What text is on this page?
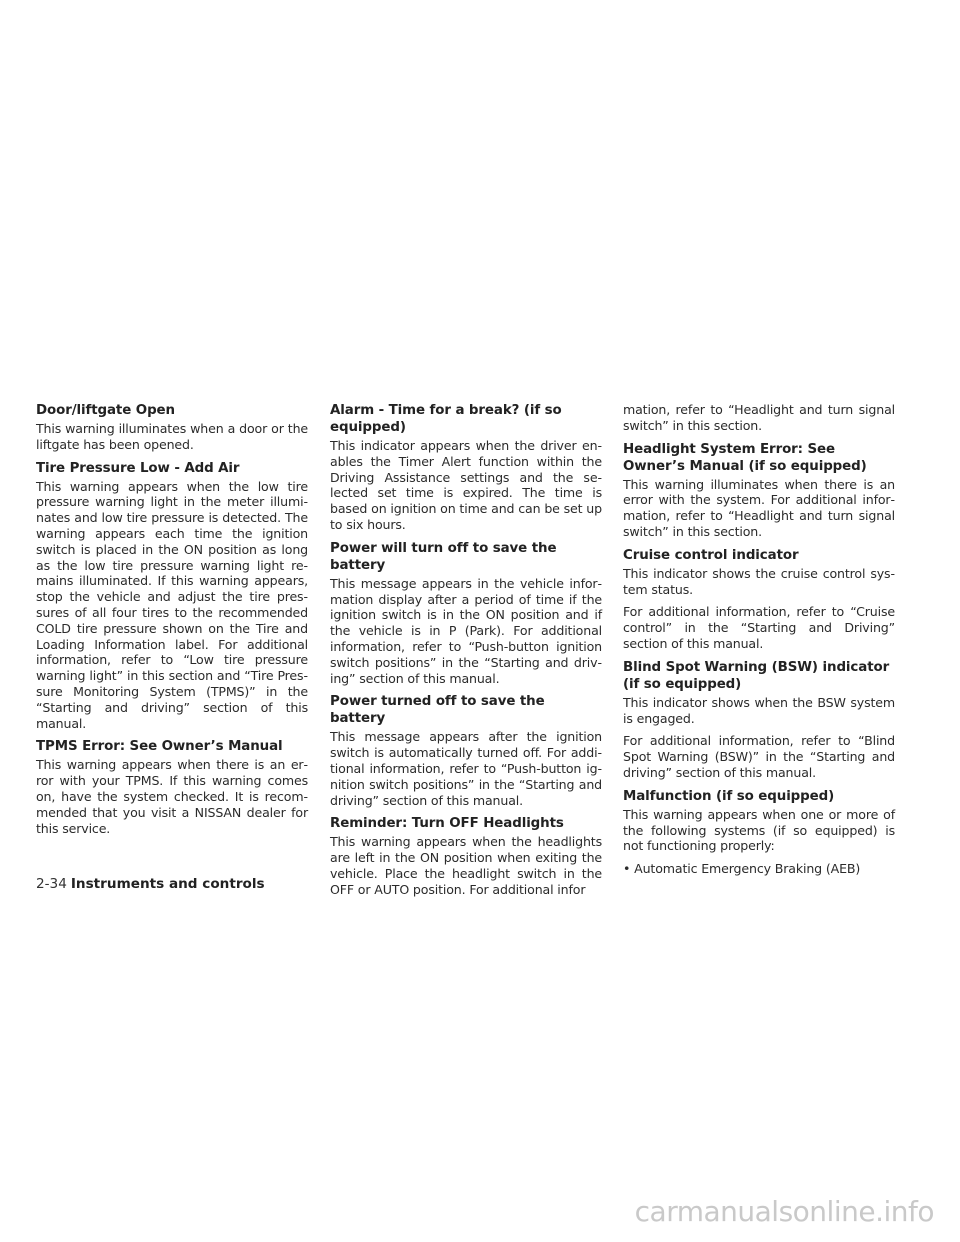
Door/liftgate Open

This warning illuminates when a door or the liftgate has been opened.

Tire Pressure Low - Add Air

This warning appears when the low tire pressure warning light in the meter illuminates and low tire pressure is detected. The warning appears each time the ignition switch is placed in the ON position as long as the low tire pressure warning light remains illuminated. If this warning appears, stop the vehicle and adjust the tire pressures of all four tires to the recommended COLD tire pressure shown on the Tire and Loading Information label. For additional information, refer to “Low tire pressure warning light” in this section and “Tire Pressure Monitoring System (TPMS)” in the “Starting and driving” section of this manual.

TPMS Error: See Owner’s Manual

This warning appears when there is an error with your TPMS. If this warning comes on, have the system checked. It is recommended that you visit a NISSAN dealer for this service.

Alarm - Time for a break? (if so equipped)

This indicator appears when the driver enables the Timer Alert function within the Driving Assistance settings and the selected set time is expired. The time is based on ignition on time and can be set up to six hours.

Power will turn off to save the battery

This message appears in the vehicle information display after a period of time if the ignition switch is in the ON position and if the vehicle is in P (Park). For additional information, refer to “Push-button ignition switch positions” in the “Starting and driving” section of this manual.

Power turned off to save the battery

This message appears after the ignition switch is automatically turned off. For additional information, refer to “Push-button ignition switch positions” in the “Starting and driving” section of this manual.

Reminder: Turn OFF Headlights

This warning appears when the headlights are left in the ON position when exiting the vehicle. Place the headlight switch in the OFF or AUTO position. For additional infor

mation, refer to “Headlight and turn signal switch” in this section.

Headlight System Error: See Owner’s Manual (if so equipped)

This warning illuminates when there is an error with the system. For additional information, refer to “Headlight and turn signal switch” in this section.

Cruise control indicator

This indicator shows the cruise control system status.

For additional information, refer to “Cruise control” in the “Starting and Driving” section of this manual.

Blind Spot Warning (BSW) indicator (if so equipped)

This indicator shows when the BSW system is engaged.

For additional information, refer to “Blind Spot Warning (BSW)” in the “Starting and driving” section of this manual.

Malfunction (if so equipped)

This warning appears when one or more of the following systems (if so equipped) is not functioning properly:

• Automatic Emergency Braking (AEB)

2-34 Instruments and controls
carmanualsonline.info
